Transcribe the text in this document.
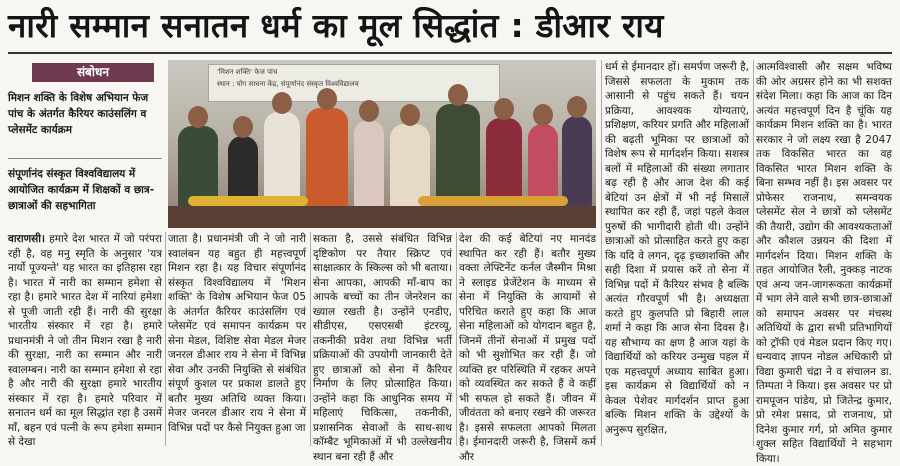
नारी सम्मान सनातन धर्म का मूल सिद्धांत : डीआर राय
संबोधन
मिशन शक्ति के विशेष अभियान फेज पांच के अंतर्गत कैरियर काउंसलिंग व प्लेसमेंट कार्यक्रम
संपूर्णानंद संस्कृत विश्वविद्यालय में आयोजित कार्यक्रम में शिक्षकों व छात्र-छात्राओं की सहभागिता
'मिशन शक्ति' फेज पांच
स्थान : योग साधना केंद्र, संपूर्णानंद संस्कृत विश्वविद्यालय
वाराणसी। हमारे देश भारत में जो परंपरा रही है, वह मनु स्मृति के अनुसार 'यत्र नार्यो पूज्यन्ते' यह भारत का इतिहास रहा है। भारत में नारी का सम्मान हमेशा से रहा है। हमारे भारत देश में नारियां हमेशा से पूजी जाती रही हैं। नारी की सुरक्षा भारतीय संस्कार में रहा है। हमारे प्रधानमंत्री ने जो तीन मिशन रखा है नारी की सुरक्षा, नारी का सम्मान और नारी स्वालम्बन। नारी का सम्मान हमेशा से रहा है और नारी की सुरक्षा हमारे भारतीय संस्कार में रहा है। हमारे परिवार में सनातन धर्म का मूल सिद्धांत रहा है उसमें माँ, बहन एवं पत्नी के रूप हमेशा सम्मान से देखा
जाता है। प्रधानमंत्री जी ने जो नारी स्वालंबन यह बहुत ही महत्त्वपूर्ण मिशन रहा है। यह विचार संपूर्णानंद संस्कृत विश्वविद्यालय में 'मिशन शक्ति' के विशेष अभियान फेज 05 के अंतर्गत कैरियर काउंसलिंग एवं प्लेसमेंट एवं समापन कार्यक्रम पर सेना मेडल, विशिष्ट सेवा मेडल मेजर जनरल डीआर राय ने सेना में विभिन्न सेवा और उनकी नियुक्ति से संबंधित संपूर्ण कुशल पर प्रकाश डालते हुए बतौर मुख्य अतिथि व्यक्त किया। मेजर जनरल डीआर राय ने सेना में विभिन्न पदों पर कैसे नियुक्त हुआ जा
सकता है, उससे संबंधित विभिन्न दृष्टिकोण पर तैयार स्क्रिप्ट एवं साक्षात्कार के स्किल्स को भी बताया। सेना आपका, आपकी माँ-बाप का आपके बच्चों का तीन जेनरेशन का ख्याल रखती है। उन्होंने एनडीए, सीडीएस, एसएसबी इंटरव्यू, तकनीकी प्रवेश तथा विभिन्न भर्ती प्रक्रियाओं की उपयोगी जानकारी देते हुए छात्राओं को सेना में कैरियर निर्माण के लिए प्रोत्साहित किया। उन्होंने कहा कि आधुनिक समय में महिलाएं चिकित्सा, तकनीकी, प्रशासनिक सेवाओं के साथ-साथ कॉम्बैट भूमिकाओं में भी उल्लेखनीय स्थान बना रही हैं और
देश की कई बेटियां नए मानदंड स्थापित कर रही हैं। बतौर मुख्य वक्ता लेफ्टिनेंट कर्नल जैस्मीन मिश्रा ने स्लाइड प्रेजेंटेशन के माध्यम से सेना में नियुक्ति के आयामों से परिचित कराते हुए कहा कि आज सेना महिलाओं को योगदान बहुत है, जिनमें तीनों सेनाओं में प्रमुख पदों को भी सुशोभित कर रही हैं। जो व्यक्ति हर परिस्थिति में रहकर अपने को व्यवस्थित कर सकते हैं वे कहीं भी सफल हो सकते हैं। जीवन में जीवंतता को बनाए रखने की जरूरत है। इससे सफलता आपको मिलता है। ईमानदारी जरूरी है, जिसमें कर्म और
धर्म से ईमानदार हों। समर्पण जरूरी है, जिससे सफलता के मुकाम तक आसानी से पहुंच सकते हैं। चयन प्रक्रिया, आवश्यक योग्यताएं, प्रशिक्षण, करियर प्रगति और महिलाओं की बढ़ती भूमिका पर छात्राओं को विशेष रूप से मार्गदर्शन किया। सशस्त्र बलों में महिलाओं की संख्या लगातार बढ़ रही है और आज देश की कई बेटियां उन क्षेत्रों में भी नई मिसालें स्थापित कर रही हैं, जहां पहले केवल पुरुषों की भागीदारी होती थी। उन्होंने छात्राओं को प्रोत्साहित करते हुए कहा कि यदि वे लगन, दृढ़ इच्छाशक्ति और सही दिशा में प्रयास करें तो सेना में विभिन्न पदों में कैरियर संभव है बल्कि अत्यंत गौरवपूर्ण भी है। अध्यक्षता करते हुए कुलपति प्रो बिहारी लाल शर्मा ने कहा कि आज सेना दिवस है। यह सौभाग्य का क्षण है आज यहां के विद्यार्थियों को करियर उन्मुख पहल में एक महत्त्वपूर्ण अध्याय साबित हुआ। इस कार्यक्रम से विद्यार्थियों को न केवल पेशेवर मार्गदर्शन प्राप्त हुआ बल्कि मिशन शक्ति के उद्देश्यों के अनुरूप सुरक्षित,
आत्मविश्वासी और सक्षम भविष्य की ओर अग्रसर होने का भी सशक्त संदेश मिला। कहा कि आज का दिन अत्यंत महत्त्वपूर्ण दिन है चूंकि यह कार्यक्रम मिशन शक्ति का है। भारत सरकार ने जो लक्ष्य रखा है 2047 तक विकसित भारत का वह विकसित भारत मिशन शक्ति के बिना सम्भव नहीं है। इस अवसर पर प्रोफेसर राजनाथ, समन्वयक प्लेसमेंट सेल ने छात्रों को प्लेसमेंट की तैयारी, उद्योग की आवश्यकताओं और कौशल उन्नयन की दिशा में मार्गदर्शन दिया। मिशन शक्ति के तहत आयोजित रैली, नुक्कड़ नाटक एवं अन्य जन-जागरूकता कार्यक्रमों में भाग लेने वाले सभी छात्र-छात्राओं को समापन अवसर पर मंचस्थ अतिथियों के द्वारा सभी प्रतिभागियों को ट्रॉफी एवं मेडल प्रदान किए गए। धन्यवाद ज्ञापन नोडल अधिकारी प्रो विद्या कुमारी चंद्रा ने व संचालन डा. तिम्पता ने किया। इस अवसर पर प्रो रामपूजन पांडेय, प्रो जितेन्द्र कुमार, प्रो रमेश प्रसाद, प्रो राजनाथ, प्रो दिनेश कुमार गर्ग, प्रो अमित कुमार शुक्ल सहित विद्यार्थियों ने सहभाग किया।
